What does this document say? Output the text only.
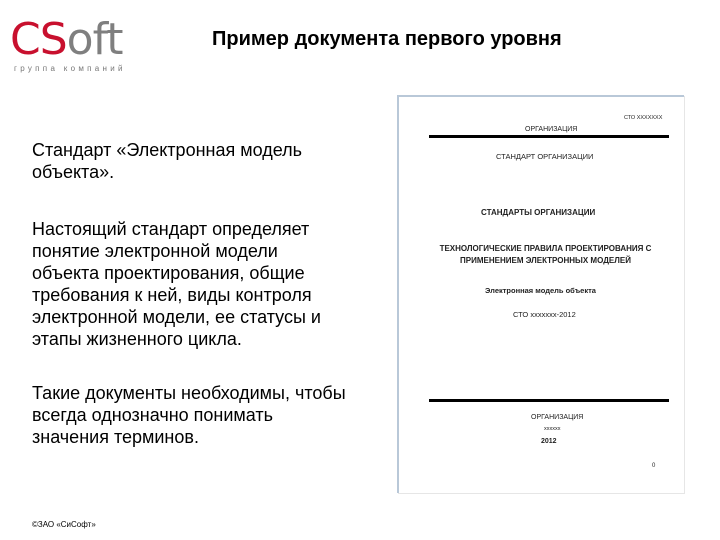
CSoft
группа компаний
Пример документа первого уровня

Стандарт «Электронная модель
объекта».

Настоящий стандарт определяет
понятие электронной модели
объекта проектирования, общие
требования к ней, виды контроля
электронной модели, ее статусы и
этапы жизненного цикла.

Такие документы необходимы, чтобы
всегда однозначно понимать
значения терминов.

СТО XXXXXXX
ОРГАНИЗАЦИЯ
СТАНДАРТ ОРГАНИЗАЦИИ
СТАНДАРТЫ ОРГАНИЗАЦИИ
ТЕХНОЛОГИЧЕСКИЕ ПРАВИЛА ПРОЕКТИРОВАНИЯ С
ПРИМЕНЕНИЕМ ЭЛЕКТРОННЫХ МОДЕЛЕЙ
Электронная модель объекта
СТО xxxxxxx-2012
ОРГАНИЗАЦИЯ
xxxxxx
2012
0
©ЗАО «СиСофт»
